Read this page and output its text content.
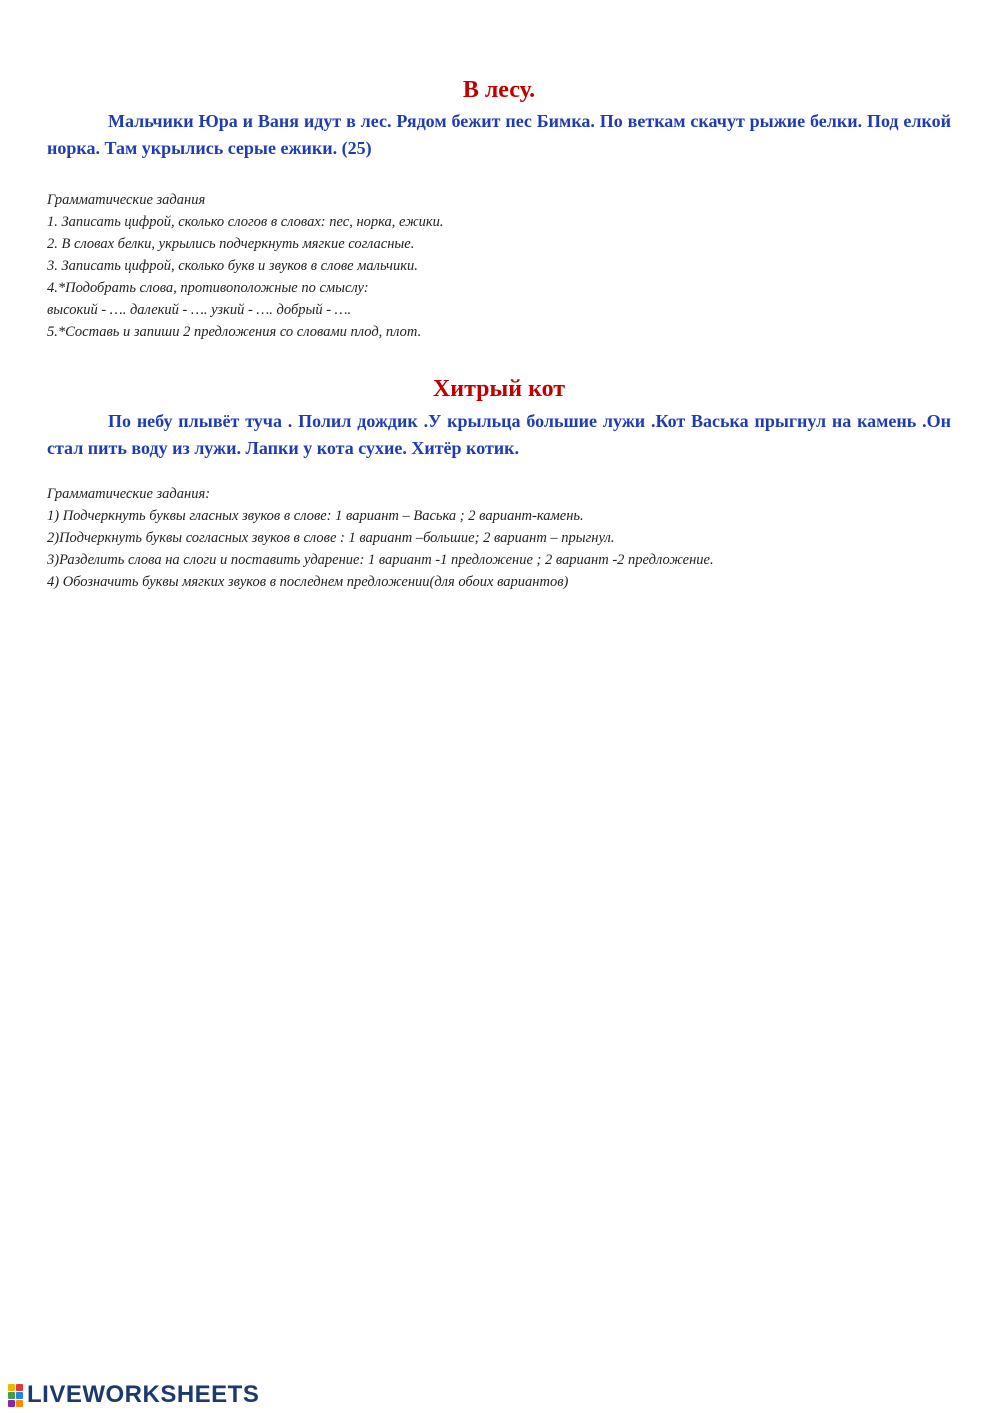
В лесу.

Мальчики Юра и Ваня идут в лес. Рядом бежит пес Бимка. По веткам скачут рыжие белки. Под елкой норка. Там укрылись серые ежики. (25)

Грамматические задания
1. Записать цифрой, сколько слогов в словах: пес, норка, ежики.
2. В словах белки, укрылись подчеркнуть мягкие согласные.
3. Записать цифрой, сколько букв и звуков в слове мальчики.
4.*Подобрать слова, противоположные по смыслу:
высокий - …. далекий - …. узкий - …. добрый - ….
5.*Составь и запиши 2 предложения со словами плод, плот.
Хитрый кот

По небу плывёт туча . Полил дождик .У крыльца большие лужи .Кот Васька прыгнул на камень .Он стал пить воду из лужи. Лапки у кота сухие. Хитёр котик.

Грамматические задания:
1) Подчеркнуть буквы гласных звуков в слове: 1 вариант – Васька ; 2 вариант-камень.
2)Подчеркнуть буквы согласных звуков в слове : 1 вариант –большие; 2 вариант – прыгнул.
3)Разделить слова на слоги и поставить ударение: 1 вариант -1 предложение ; 2 вариант -2 предложение.
4) Обозначить буквы мягких звуков в последнем предложении(для обоих вариантов)
LIVEWORKSHEETS
